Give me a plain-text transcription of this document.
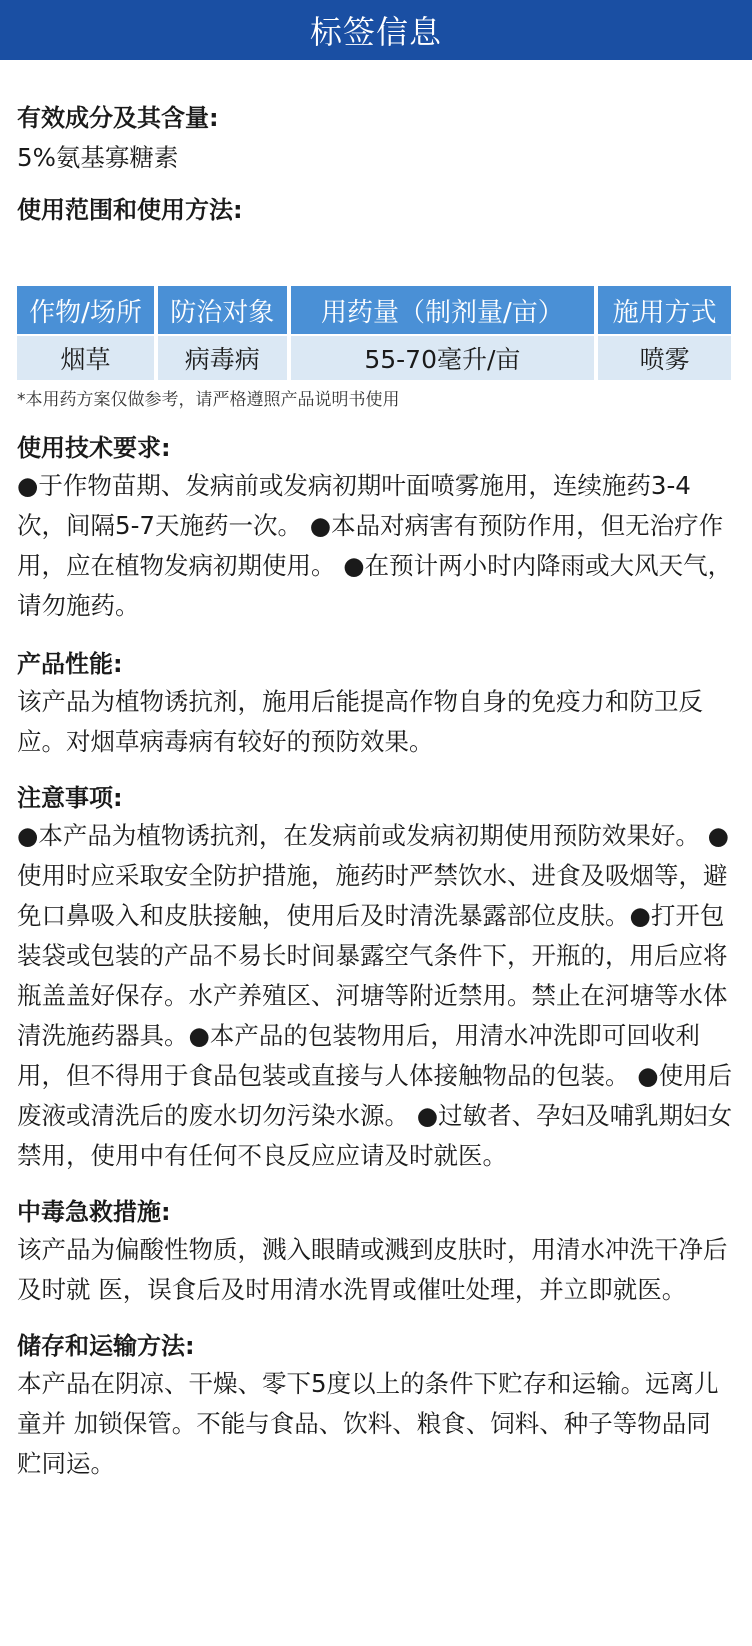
标签信息

有效成分及其含量:

5%氨基寡糖素

使用范围和使用方法:

作物/场所	防治对象	用药量（制剂量/亩）	施用方式
烟草	病毒病	55-70毫升/亩	喷雾

*本用药方案仅做参考，请严格遵照产品说明书使用

使用技术要求:

●于作物苗期、发病前或发病初期叶面喷雾施用，连续施药3-4次，间隔5-7天施药一次。 ●本品对病害有预防作用，但无治疗作用，应在植物发病初期使用。 ●在预计两小时内降雨或大风天气，请勿施药。

产品性能:

该产品为植物诱抗剂，施用后能提高作物自身的免疫力和防卫反应。对烟草病毒病有较好的预防效果。

注意事项:

●本产品为植物诱抗剂，在发病前或发病初期使用预防效果好。 ●使用时应采取安全防护措施，施药时严禁饮水、进食及吸烟等，避免口鼻吸入和皮肤接触，使用后及时清洗暴露部位皮肤。●打开包装袋或包装的产品不易长时间暴露空气条件下，开瓶的，用后应将瓶盖盖好保存。水产养殖区、河塘等附近禁用。禁止在河塘等水体清洗施药器具。●本产品的包装物用后，用清水冲洗即可回收利用，但不得用于食品包装或直接与人体接触物品的包装。 ●使用后废液或清洗后的废水切勿污染水源。 ●过敏者、孕妇及哺乳期妇女禁用，使用中有任何不良反应应请及时就医。

中毒急救措施:

该产品为偏酸性物质，溅入眼睛或溅到皮肤时，用清水冲洗干净后及时就 医，误食后及时用清水洗胃或催吐处理，并立即就医。

储存和运输方法:

本产品在阴凉、干燥、零下5度以上的条件下贮存和运输。远离儿童并 加锁保管。不能与食品、饮料、粮食、饲料、种子等物品同贮同运。
